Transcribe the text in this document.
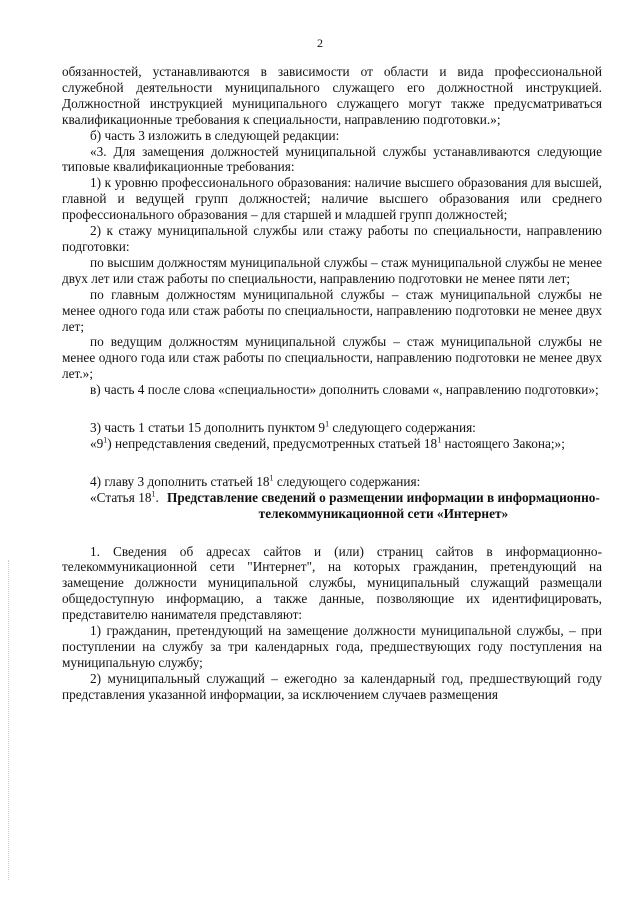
2

обязанностей, устанавливаются в зависимости от области и вида профессиональной служебной деятельности муниципального служащего его должностной инструкцией. Должностной инструкцией муниципального служащего могут также предусматриваться квалификационные требования к специальности, направлению подготовки.»;

б) часть 3 изложить в следующей редакции:

«3. Для замещения должностей муниципальной службы устанавливаются следующие типовые квалификационные требования:

1) к уровню профессионального образования: наличие высшего образования для высшей, главной и ведущей групп должностей; наличие высшего образования или среднего профессионального образования – для старшей и младшей групп должностей;

2) к стажу муниципальной службы или стажу работы по специальности, направлению подготовки:

по высшим должностям муниципальной службы – стаж муниципальной службы не менее двух лет или стаж работы по специальности, направлению подготовки не менее пяти лет;

по главным должностям муниципальной службы – стаж муниципальной службы не менее одного года или стаж работы по специальности, направлению подготовки не менее двух лет;

по ведущим должностям муниципальной службы – стаж муниципальной службы не менее одного года или стаж работы по специальности, направлению подготовки не менее двух лет.»;

в) часть 4 после слова «специальности» дополнить словами «, направлению подготовки»;

3) часть 1 статьи 15 дополнить пунктом $9^1$ следующего содержания:

«$9^1$) непредставления сведений, предусмотренных статьей $18^1$ настоящего Закона;»;

4) главу 3 дополнить статьей $18^1$ следующего содержания:

«Статья $18^1$. Представление сведений о размещении информации в информационно-телекоммуникационной сети «Интернет»

1. Сведения об адресах сайтов и (или) страниц сайтов в информационно-телекоммуникационной сети "Интернет", на которых гражданин, претендующий на замещение должности муниципальной службы, муниципальный служащий размещали общедоступную информацию, а также данные, позволяющие их идентифицировать, представителю нанимателя представляют:

1) гражданин, претендующий на замещение должности муниципальной службы, – при поступлении на службу за три календарных года, предшествующих году поступления на муниципальную службу;

2) муниципальный служащий – ежегодно за календарный год, предшествующий году представления указанной информации, за исключением случаев размещения
